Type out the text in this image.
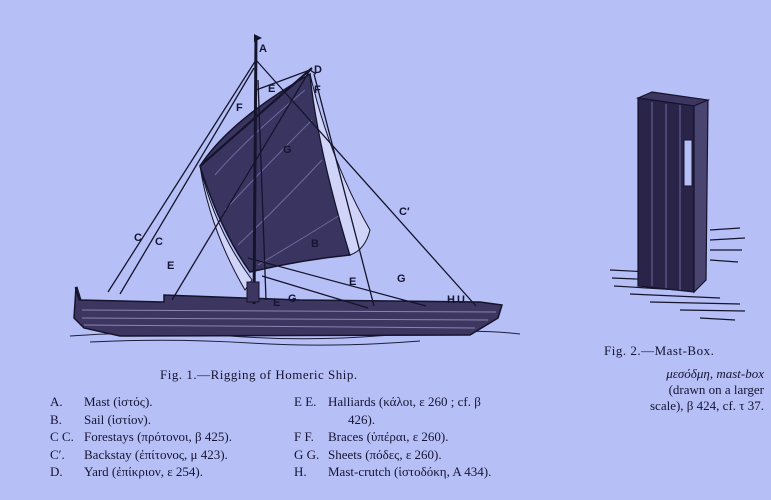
A
D
E	F
F
G
C C
C′
E
B
E	G
E G	H U
Fig. 1.—Rigging of Homeric Ship.
Fig. 2.—Mast-Box.
μεσόδμη, mast-box
(drawn on a larger
scale), β 424, cf. τ 37.
A.	Mast (ἱστός).
B.	Sail (ἱστίον).
C C. Forestays (πρότονοι, β 425).
C′.	Backstay (ἐπίτονος, μ 423).
D.	Yard (ἐπίκριον, ε 254).
E E. Halliards (κάλοι, ε 260 ; cf. β
426).
F F.	Braces (ὑπέραι, ε 260).
G G. Sheets (πόδες, ε 260).
H.	Mast-crutch (ἱστοδόκη, Α 434).
